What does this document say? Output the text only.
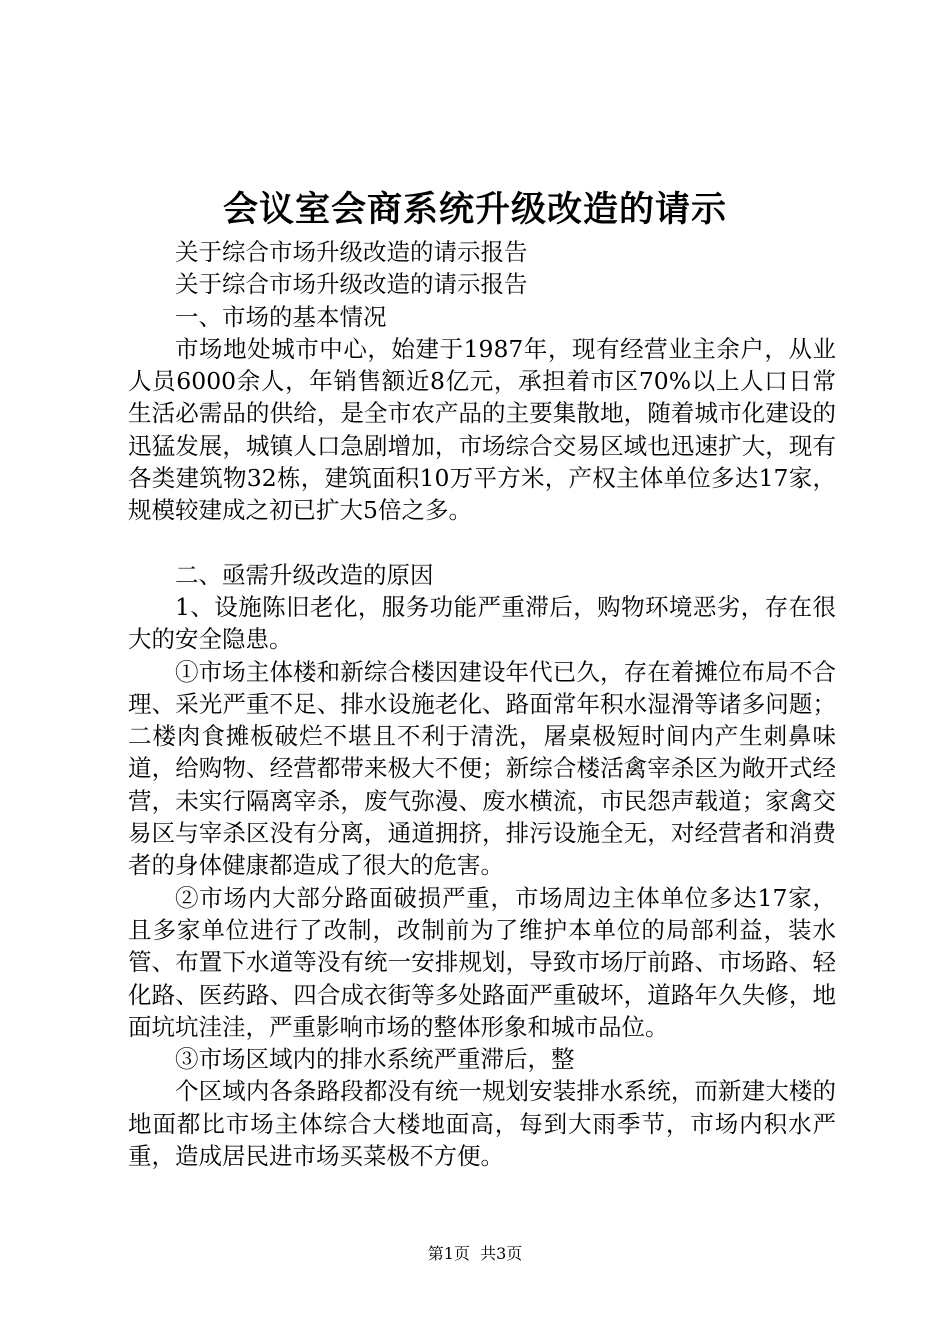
会议室会商系统升级改造的请示

关于综合市场升级改造的请示报告

关于综合市场升级改造的请示报告

一、市场的基本情况

市场地处城市中心，始建于1987年，现有经营业主余户，从业人员6000余人，年销售额近8亿元，承担着市区70%以上人口日常生活必需品的供给，是全市农产品的主要集散地，随着城市化建设的迅猛发展，城镇人口急剧增加，市场综合交易区域也迅速扩大，现有各类建筑物32栋，建筑面积10万平方米，产权主体单位多达17家，规模较建成之初已扩大5倍之多。

二、亟需升级改造的原因

1、设施陈旧老化，服务功能严重滞后，购物环境恶劣，存在很大的安全隐患。

①市场主体楼和新综合楼因建设年代已久，存在着摊位布局不合理、采光严重不足、排水设施老化、路面常年积水湿滑等诸多问题；二楼肉食摊板破烂不堪且不利于清洗，屠桌极短时间内产生刺鼻味道，给购物、经营都带来极大不便；新综合楼活禽宰杀区为敞开式经营，未实行隔离宰杀，废气弥漫、废水横流，市民怨声载道；家禽交易区与宰杀区没有分离，通道拥挤，排污设施全无，对经营者和消费者的身体健康都造成了很大的危害。

②市场内大部分路面破损严重，市场周边主体单位多达17家，且多家单位进行了改制，改制前为了维护本单位的局部利益，装水管、布置下水道等没有统一安排规划，导致市场厅前路、市场路、轻化路、医药路、四合成衣街等多处路面严重破坏，道路年久失修，地面坑坑洼洼，严重影响市场的整体形象和城市品位。

③市场区域内的排水系统严重滞后，整

个区域内各条路段都没有统一规划安装排水系统，而新建大楼的地面都比市场主体综合大楼地面高，每到大雨季节，市场内积水严重，造成居民进市场买菜极不方便。

第1页 共3页
